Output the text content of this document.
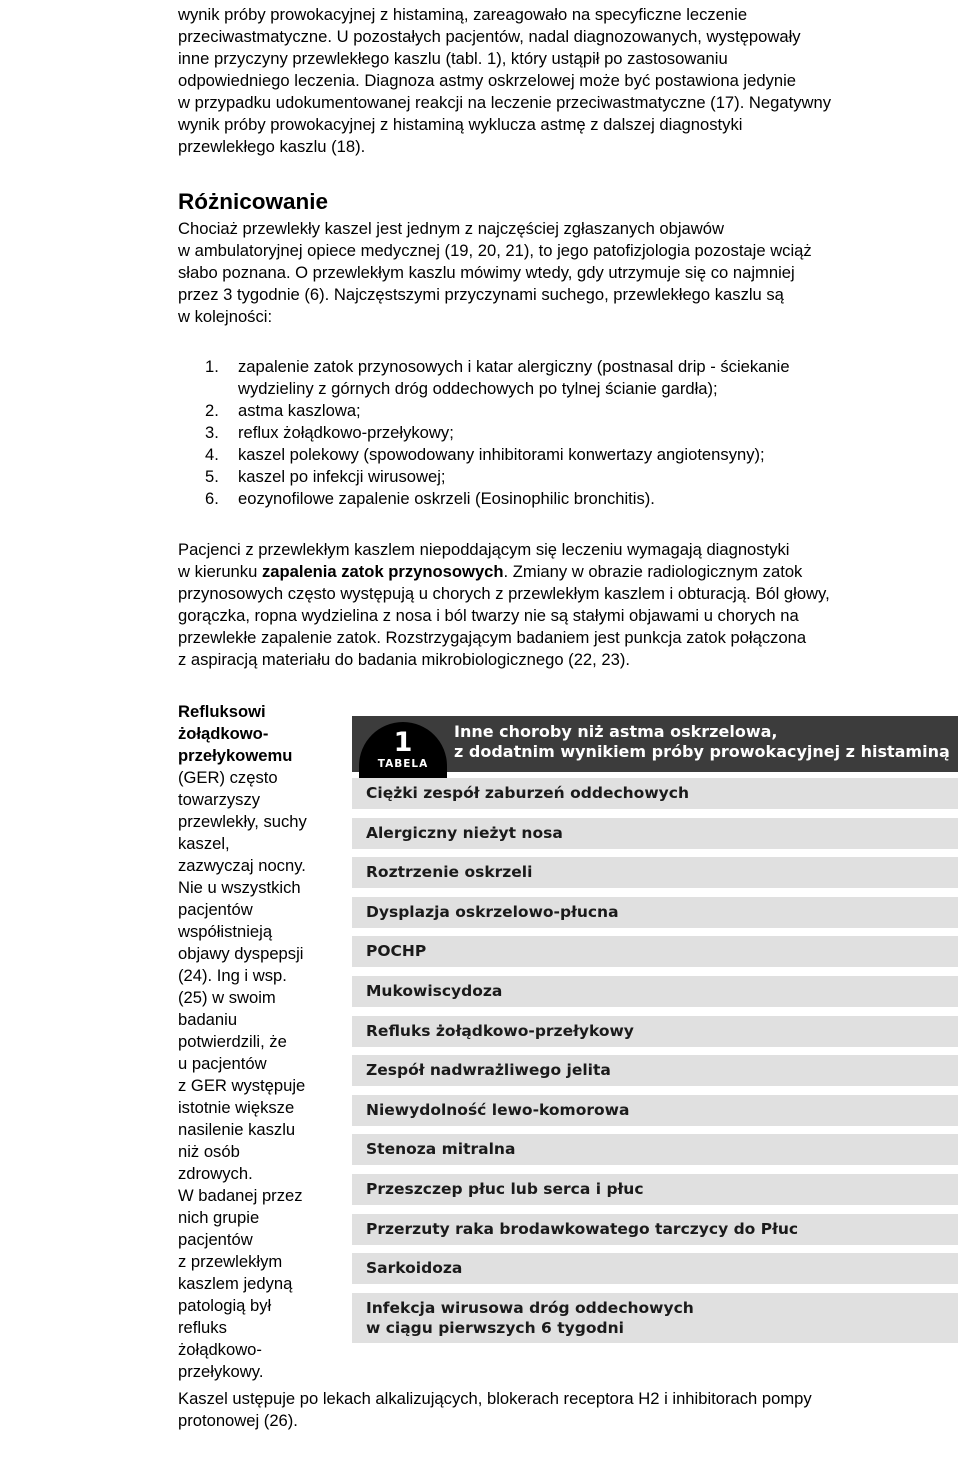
wynik próby prowokacyjnej z histaminą, zareagowało na specyficzne leczenie
przeciwastmatyczne. U pozostałych pacjentów, nadal diagnozowanych, występowały
inne przyczyny przewlekłego kaszlu (tabl. 1), który ustąpił po zastosowaniu
odpowiedniego leczenia. Diagnoza astmy oskrzelowej może być postawiona jedynie
w przypadku udokumentowanej reakcji na leczenie przeciwastmatyczne (17). Negatywny
wynik próby prowokacyjnej z histaminą wyklucza astmę z dalszej diagnostyki
przewlekłego kaszlu (18).

Różnicowanie

Chociaż przewlekły kaszel jest jednym z najczęściej zgłaszanych objawów
w ambulatoryjnej opiece medycznej (19, 20, 21), to jego patofizjologia pozostaje wciąż
słabo poznana. O przewlekłym kaszlu mówimy wtedy, gdy utrzymuje się co najmniej
przez 3 tygodnie (6). Najczęstszymi przyczynami suchego, przewlekłego kaszlu są
w kolejności:

1. zapalenie zatok przynosowych i katar alergiczny (postnasal drip - ściekanie
wydzieliny z górnych dróg oddechowych po tylnej ścianie gardła);
2. astma kaszlowa;
3. reflux żołądkowo-przełykowy;
4. kaszel polekowy (spowodowany inhibitorami konwertazy angiotensyny);
5. kaszel po infekcji wirusowej;
6. eozynofilowe zapalenie oskrzeli (Eosinophilic bronchitis).

Pacjenci z przewlekłym kaszlem niepoddającym się leczeniu wymagają diagnostyki
w kierunku zapalenia zatok przynosowych. Zmiany w obrazie radiologicznym zatok
przynosowych często występują u chorych z przewlekłym kaszlem i obturacją. Ból głowy,
gorączka, ropna wydzielina z nosa i ból twarzy nie są stałymi objawami u chorych na
przewlekłe zapalenie zatok. Rozstrzygającym badaniem jest punkcja zatok połączona
z aspiracją materiału do badania mikrobiologicznego (22, 23).

Refluksowi
żołądkowo-
przełykowemu
(GER) często
towarzyszy
przewlekły, suchy
kaszel,
zazwyczaj nocny.
Nie u wszystkich
pacjentów
współistnieją
objawy dyspepsji
(24). Ing i wsp.
(25) w swoim
badaniu
potwierdzili, że
u pacjentów
z GER występuje
istotnie większe
nasilenie kaszlu
niż osób
zdrowych.
W badanej przez
nich grupie
pacjentów
z przewlekłym
kaszlem jedyną
patologią był
refluks
żołądkowo-
przełykowy.

Kaszel ustępuje po lekach alkalizujących, blokerach receptora H2 i inhibitorach pompy
protonowej (26).

1
TABELA
Inne choroby niż astma oskrzelowa,
z dodatnim wynikiem próby prowokacyjnej z histaminą
Ciężki zespół zaburzeń oddechowych
Alergiczny nieżyt nosa
Roztrzenie oskrzeli
Dysplazja oskrzelowo-płucna
POCHP
Mukowiscydoza
Refluks żołądkowo-przełykowy
Zespół nadwrażliwego jelita
Niewydolność lewo-komorowa
Stenoza mitralna
Przeszczep płuc lub serca i płuc
Przerzuty raka brodawkowatego tarczycy do Płuc
Sarkoidoza
Infekcja wirusowa dróg oddechowych
w ciągu pierwszych 6 tygodni
